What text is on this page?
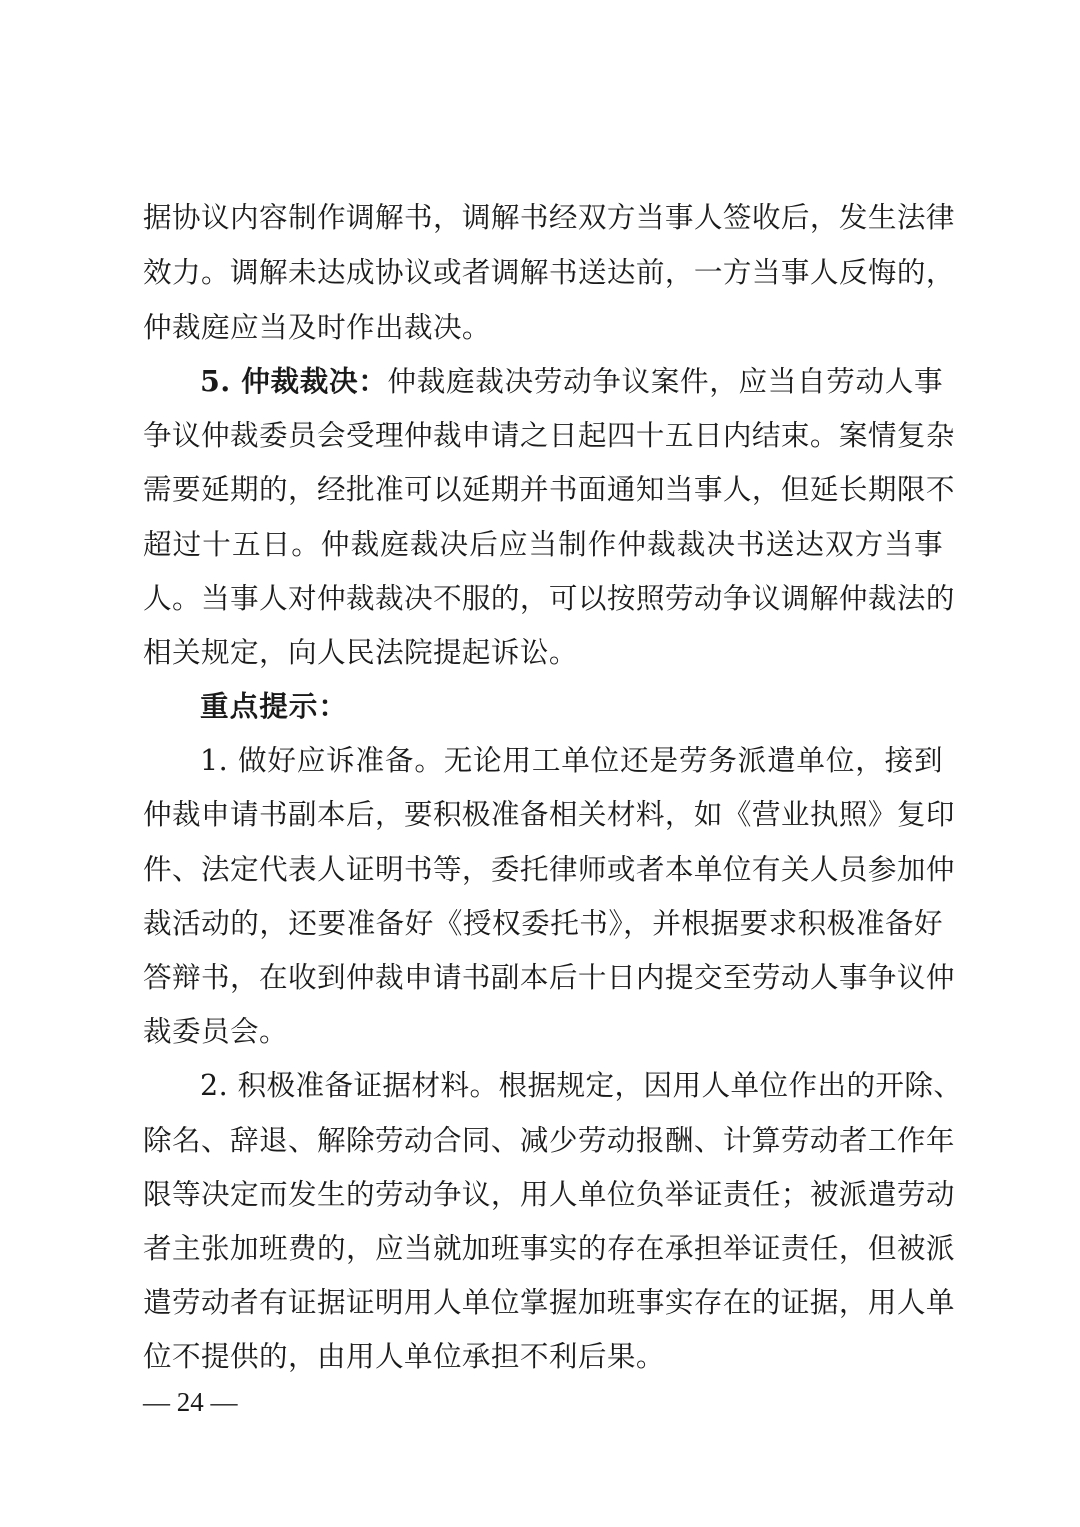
据协议内容制作调解书，调解书经双方当事人签收后，发生法律
效力。调解未达成协议或者调解书送达前，一方当事人反悔的，
仲裁庭应当及时作出裁决。
5. 仲裁裁决：仲裁庭裁决劳动争议案件，应当自劳动人事
争议仲裁委员会受理仲裁申请之日起四十五日内结束。案情复杂
需要延期的，经批准可以延期并书面通知当事人，但延长期限不
超过十五日。仲裁庭裁决后应当制作仲裁裁决书送达双方当事
人。当事人对仲裁裁决不服的，可以按照劳动争议调解仲裁法的
相关规定，向人民法院提起诉讼。
重点提示：
1. 做好应诉准备。无论用工单位还是劳务派遣单位，接到
仲裁申请书副本后，要积极准备相关材料，如《营业执照》复印
件、法定代表人证明书等，委托律师或者本单位有关人员参加仲
裁活动的，还要准备好《授权委托书》，并根据要求积极准备好
答辩书，在收到仲裁申请书副本后十日内提交至劳动人事争议仲
裁委员会。
2. 积极准备证据材料。根据规定，因用人单位作出的开除、
除名、辞退、解除劳动合同、减少劳动报酬、计算劳动者工作年
限等决定而发生的劳动争议，用人单位负举证责任；被派遣劳动
者主张加班费的，应当就加班事实的存在承担举证责任，但被派
遣劳动者有证据证明用人单位掌握加班事实存在的证据，用人单
位不提供的，由用人单位承担不利后果。
— 24 —
